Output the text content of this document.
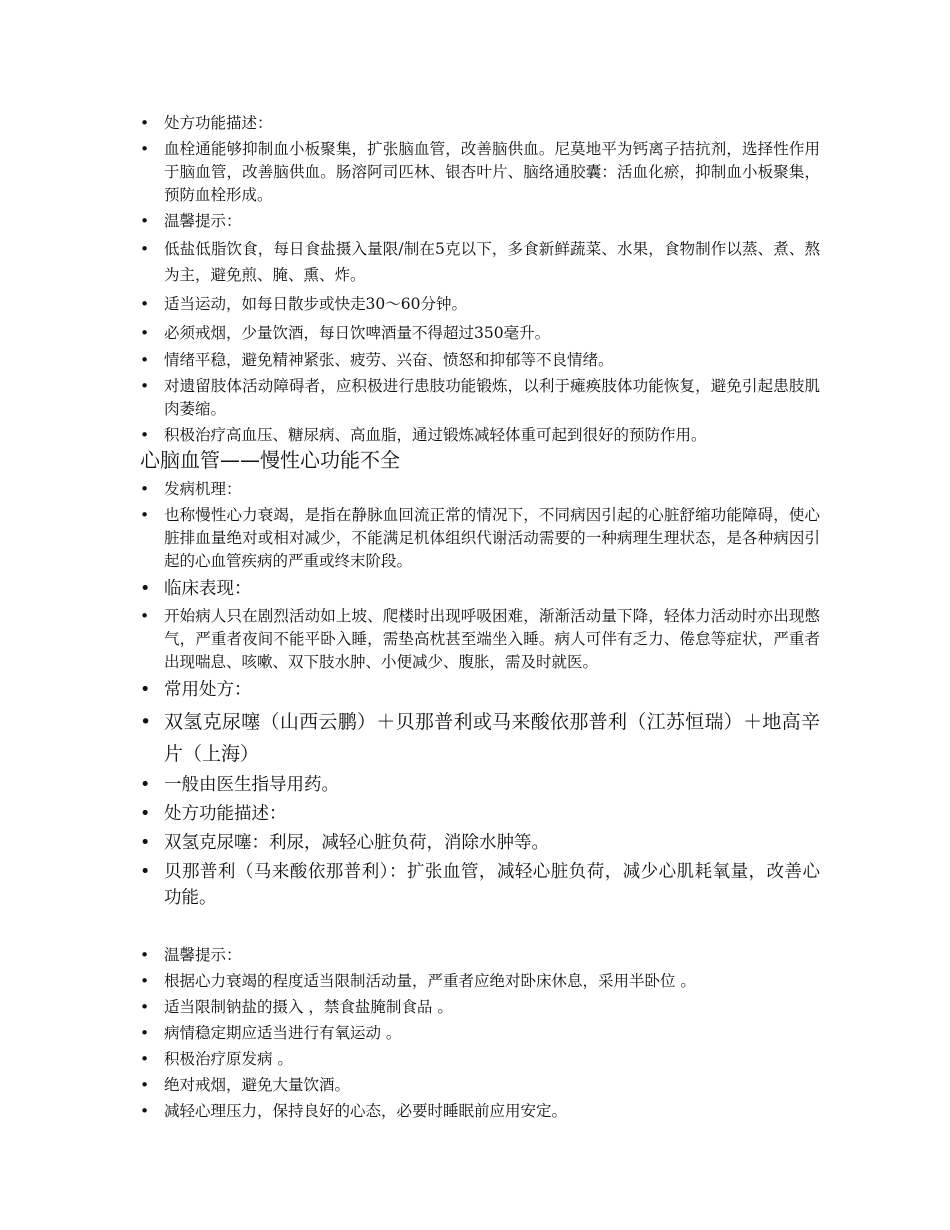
• 处方功能描述：
• 血栓通能够抑制血小板聚集，扩张脑血管，改善脑供血。尼莫地平为钙离子拮抗剂，选择性作用于脑血管，改善脑供血。肠溶阿司匹林、银杏叶片、脑络通胶囊：活血化瘀，抑制血小板聚集，预防血栓形成。
• 温馨提示：
• 低盐低脂饮食，每日食盐摄入量限/制在5克以下，多食新鲜蔬菜、水果，食物制作以蒸、煮、熬为主，避免煎、腌、熏、炸。
• 适当运动，如每日散步或快走30～60分钟。
• 必须戒烟，少量饮酒，每日饮啤酒量不得超过350毫升。
• 情绪平稳，避免精神紧张、疲劳、兴奋、愤怒和抑郁等不良情绪。
• 对遗留肢体活动障碍者，应积极进行患肢功能锻炼，以利于瘫痪肢体功能恢复，避免引起患肢肌肉萎缩。
• 积极治疗高血压、糖尿病、高血脂，通过锻炼减轻体重可起到很好的预防作用。
心脑血管——慢性心功能不全
• 发病机理：
• 也称慢性心力衰竭，是指在静脉血回流正常的情况下，不同病因引起的心脏舒缩功能障碍，使心脏排血量绝对或相对减少，不能满足机体组织代谢活动需要的一种病理生理状态，是各种病因引起的心血管疾病的严重或终末阶段。
• 临床表现：
• 开始病人只在剧烈活动如上坡、爬楼时出现呼吸困难，渐渐活动量下降，轻体力活动时亦出现憋气，严重者夜间不能平卧入睡，需垫高枕甚至端坐入睡。病人可伴有乏力、倦怠等症状，严重者出现喘息、咳嗽、双下肢水肿、小便减少、腹胀，需及时就医。
• 常用处方：
• 双氢克尿噻（山西云鹏）＋贝那普利或马来酸依那普利（江苏恒瑞）＋地高辛片（上海）
• 一般由医生指导用药。
• 处方功能描述：
• 双氢克尿噻：利尿，减轻心脏负荷，消除水肿等。
• 贝那普利（马来酸依那普利）：扩张血管，减轻心脏负荷，减少心肌耗氧量，改善心功能。
• 温馨提示：
• 根据心力衰竭的程度适当限制活动量，严重者应绝对卧床休息，采用半卧位 。
• 适当限制钠盐的摄入 ，禁食盐腌制食品 。
• 病情稳定期应适当进行有氧运动 。
• 积极治疗原发病 。
• 绝对戒烟，避免大量饮酒。
• 减轻心理压力，保持良好的心态，必要时睡眠前应用安定。
